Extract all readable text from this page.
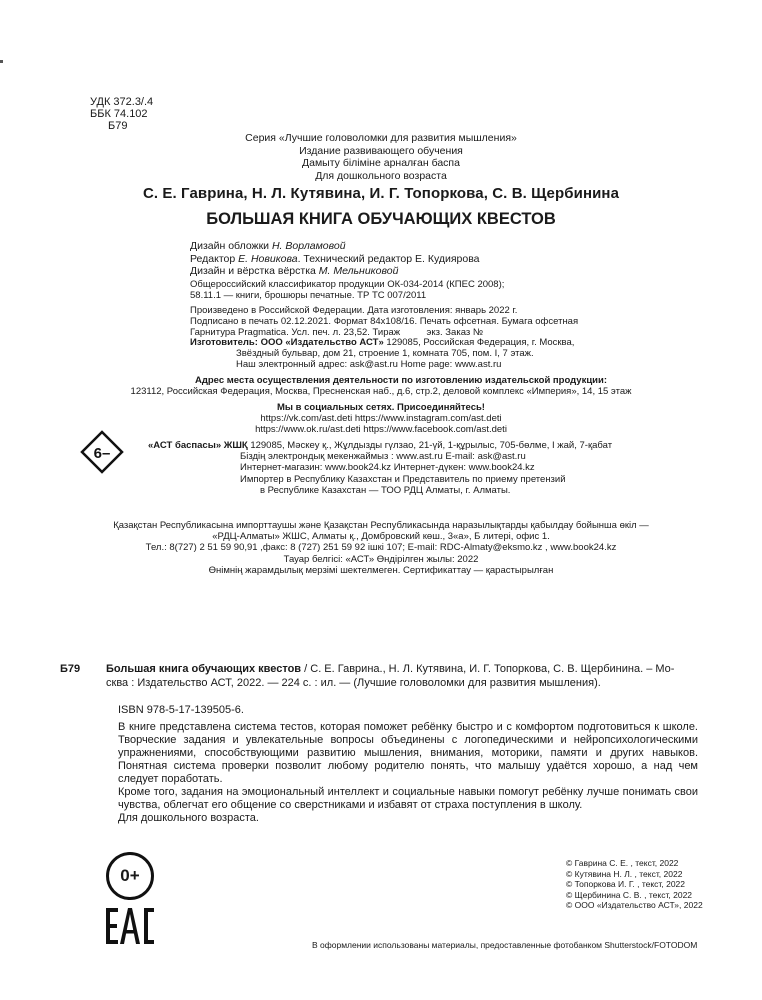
УДК 372.3/.4
ББК 74.102
Б79
Серия «Лучшие головоломки для развития мышления»
Издание развивающего обучения
Дамыту біліміне арналған баспа
Для дошкольного возраста
С. Е. Гаврина, Н. Л. Кутявина, И. Г. Топоркова, С. В. Щербинина
БОЛЬШАЯ КНИГА ОБУЧАЮЩИХ КВЕСТОВ
Дизайн обложки Н. Ворламовой
Редактор Е. Новикова. Технический редактор Е. Кудиярова
Дизайн и вёрстка вёрстка М. Мельниковой
Общероссийский классификатор продукции ОК-034-2014 (КПЕС 2008);
58.11.1 — книги, брошюры печатные. ТР ТС 007/2011
Произведено в Российской Федерации. Дата изготовления: январь 2022 г.
Подписано в печать 02.12.2021. Формат 84х108/16. Печать офсетная. Бумага офсетная
Гарнитура Pragmatica. Усл. печ. л. 23,52. Тираж          экз. Заказ №
Изготовитель: ООО «Издательство АСТ» 129085, Российская Федерация, г. Москва,
Звёздный бульвар, дом 21, строение 1, комната 705, пом. I, 7 этаж.
Наш электронный адрес: ask@ast.ru Home page: www.ast.ru
Адрес места осуществления деятельности по изготовлению издательской продукции:
123112, Российская Федерация, Москва, Пресненская наб., д.6, стр.2, деловой комплекс «Империя», 14, 15 этаж
Мы в социальных сетях. Присоединяйтесь!
https://vk.com/ast.deti https://www.instagram.com/ast.deti
https://www.ok.ru/ast.deti https://www.facebook.com/ast.deti
6–	«АСТ баспасы» ЖШҚ 129085, Мәскеу қ., Жұлдызды гүлзао, 21-үй, 1-құрылыс, 705-бөлме, I жай, 7-қабат
Біздің электрондық мекенжаймыз : www.ast.ru E-mail: ask@ast.ru
Интернет-магазин: www.book24.kz Интернет-дүкен: www.book24.kz
Импортер в Республику Казахстан и Представитель по приему претензий
в Республике Казахстан — ТОО РДЦ Алматы, г. Алматы.
Қазақстан Республикасына импорттаушы және Қазақстан Республикасында наразылықтарды қабылдау бойынша өкіл —
«РДЦ-Алматы» ЖШС, Алматы қ., Домбровский көш., 3«а», Б литері, офис 1.
Тел.: 8(727) 2 51 59 90,91 ,факс: 8 (727) 251 59 92 ішкі 107; E-mail: RDC-Almaty@eksmo.kz , www.book24.kz
Тауар белгісі: «АСТ» Өндірілген жылы: 2022
Өнімнің жарамдылық мерзімі шектелмеген. Сертификаттау — қарастырылған
Б79 Большая книга обучающих квестов / С. Е. Гаврина., Н. Л. Кутявина, И. Г. Топоркова, С. В. Щербинина. – Мо-
сква : Издательство АСТ, 2022. — 224 с. : ил. — (Лучшие головоломки для развития мышления).
ISBN 978-5-17-139505-6.

В книге представлена система тестов, которая поможет ребёнку быстро и с комфортом подготовиться к школе. Творческие задания и увлекательные вопросы объединены с логопедическими и нейропсихологическими упражнениями, способствующими развитию мышления, внимания, моторики, памяти и других навыков. Понятная система проверки позволит любому родителю понять, что малышу удаётся хорошо, а над чем следует поработать.

Кроме того, задания на эмоциональный интеллект и социальные навыки помогут ребёнку лучше понимать свои чувства, облегчат его общение со сверстниками и избавят от страха поступления в школу.

Для дошкольного возраста.

0+
© Гаврина С. Е. , текст, 2022
© Кутявина Н. Л. , текст, 2022
© Топоркова И. Г. , текст, 2022
© Щербинина С. В. , текст, 2022
© ООО «Издательство АСТ», 2022
В оформлении использованы материалы, предоставленные фотобанком Shutterstock/FOTODOM
